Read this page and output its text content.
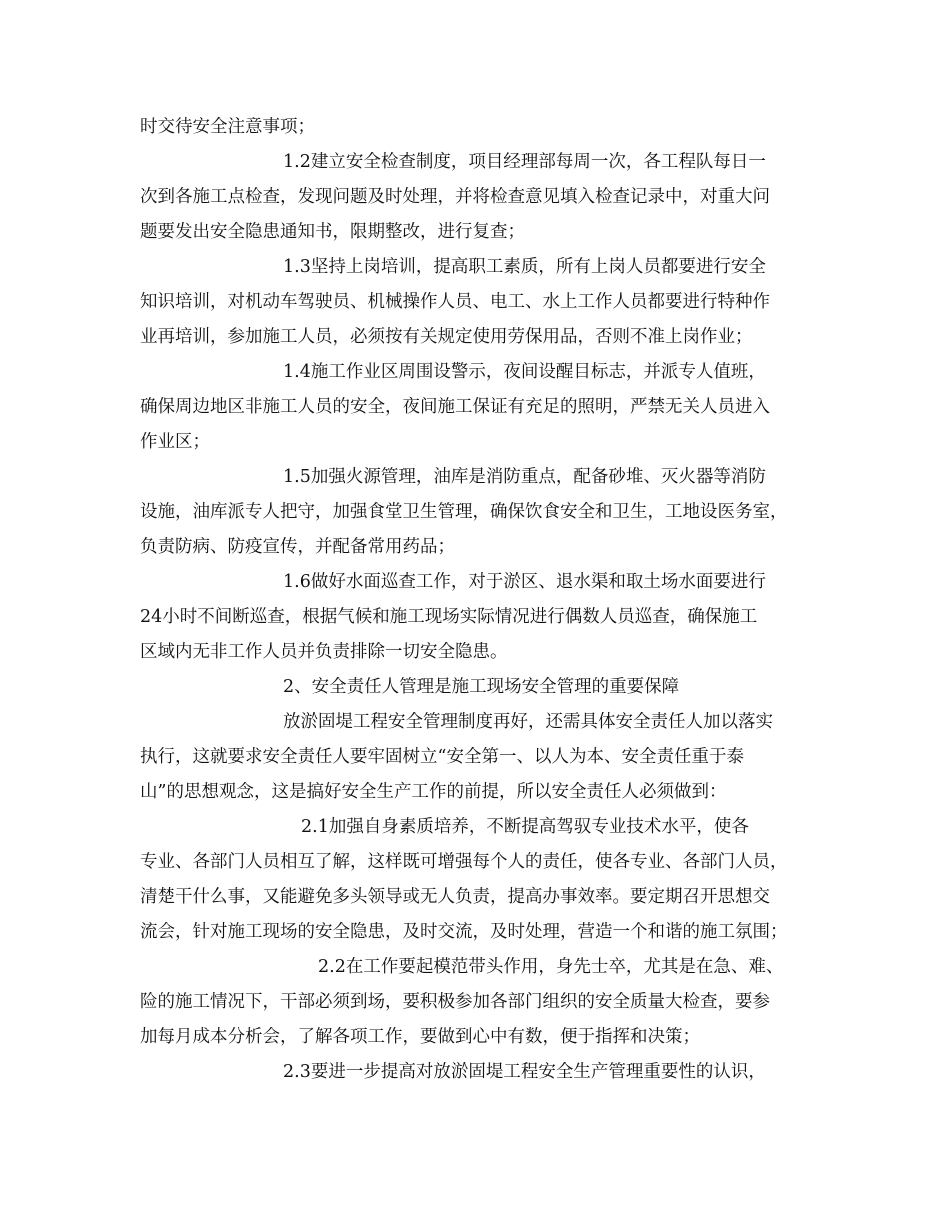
时交待安全注意事项；
1.2建立安全检查制度，项目经理部每周一次，各工程队每日一
次到各施工点检查，发现问题及时处理，并将检查意见填入检查记录中，对重大问
题要发出安全隐患通知书，限期整改，进行复查；
1.3坚持上岗培训，提高职工素质，所有上岗人员都要进行安全
知识培训，对机动车驾驶员、机械操作人员、电工、水上工作人员都要进行特种作
业再培训，参加施工人员，必须按有关规定使用劳保用品，否则不准上岗作业；
1.4施工作业区周围设警示，夜间设醒目标志，并派专人值班，
确保周边地区非施工人员的安全，夜间施工保证有充足的照明，严禁无关人员进入
作业区；
1.5加强火源管理，油库是消防重点，配备砂堆、灭火器等消防
设施，油库派专人把守，加强食堂卫生管理，确保饮食安全和卫生，工地设医务室，
负责防病、防疫宣传，并配备常用药品；
1.6做好水面巡查工作，对于淤区、退水渠和取土场水面要进行
24小时不间断巡查，根据气候和施工现场实际情况进行偶数人员巡查，确保施工
区域内无非工作人员并负责排除一切安全隐患。
2、安全责任人管理是施工现场安全管理的重要保障
放淤固堤工程安全管理制度再好，还需具体安全责任人加以落实
执行，这就要求安全责任人要牢固树立“安全第一、以人为本、安全责任重于泰
山”的思想观念，这是搞好安全生产工作的前提，所以安全责任人必须做到：
2.1加强自身素质培养，不断提高驾驭专业技术水平，使各
专业、各部门人员相互了解，这样既可增强每个人的责任，使各专业、各部门人员，
清楚干什么事，又能避免多头领导或无人负责，提高办事效率。要定期召开思想交
流会，针对施工现场的安全隐患，及时交流，及时处理，营造一个和谐的施工氛围；
2.2在工作要起模范带头作用，身先士卒，尤其是在急、难、
险的施工情况下，干部必须到场，要积极参加各部门组织的安全质量大检查，要参
加每月成本分析会，了解各项工作，要做到心中有数，便于指挥和决策；
2.3要进一步提高对放淤固堤工程安全生产管理重要性的认识，
